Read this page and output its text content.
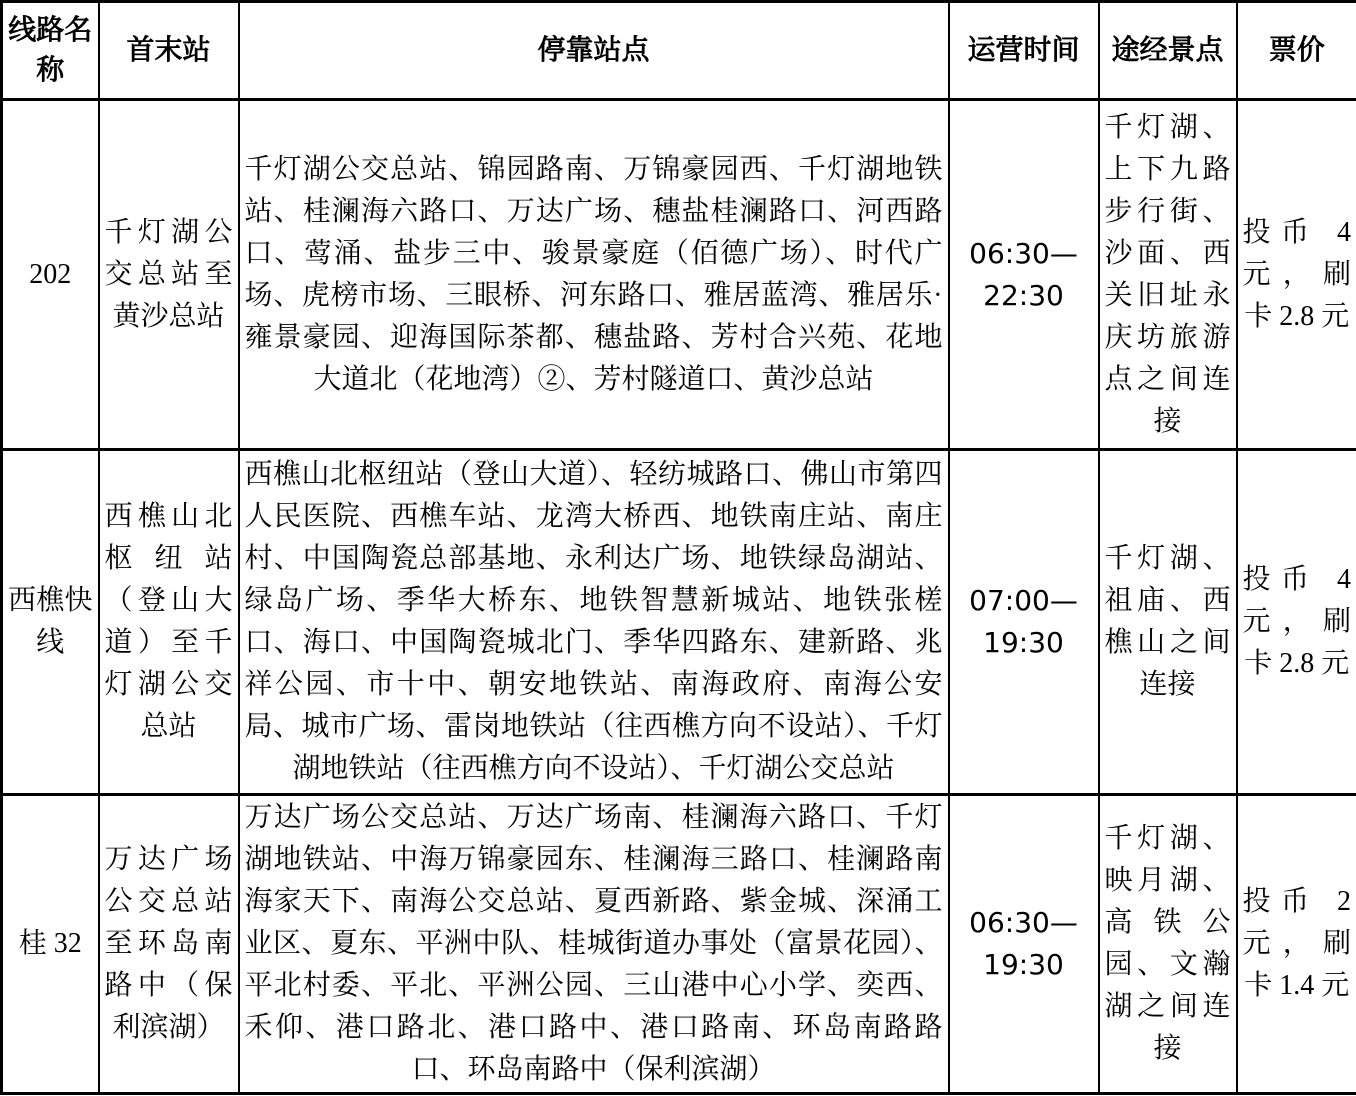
线路名称	首末站	停靠站点	运营时间	途经景点	票价
202	千灯湖公交总站至黄沙总站	千灯湖公交总站、锦园路南、万锦豪园西、千灯湖地铁站、桂澜海六路口、万达广场、穗盐桂澜路口、河西路口、莺涌、盐步三中、骏景豪庭（佰德广场）、时代广场、虎榜市场、三眼桥、河东路口、雅居蓝湾、雅居乐·雍景豪园、迎海国际茶都、穗盐路、芳村合兴苑、花地大道北（花地湾）②、芳村隧道口、黄沙总站	06:30—22:30	千灯湖、上下九路步行街、沙面、西关旧址永庆坊旅游点之间连接	投币 4 元，刷卡 2.8 元
西樵快线	西樵山北枢纽站（登山大道）至千灯湖公交总站	西樵山北枢纽站（登山大道）、轻纺城路口、佛山市第四人民医院、西樵车站、龙湾大桥西、地铁南庄站、南庄村、中国陶瓷总部基地、永利达广场、地铁绿岛湖站、绿岛广场、季华大桥东、地铁智慧新城站、地铁张槎口、海口、中国陶瓷城北门、季华四路东、建新路、兆祥公园、市十中、朝安地铁站、南海政府、南海公安局、城市广场、雷岗地铁站（往西樵方向不设站）、千灯湖地铁站（往西樵方向不设站）、千灯湖公交总站	07:00—19:30	千灯湖、祖庙、西樵山之间连接	投币 4 元，刷卡 2.8 元
桂 32	万达广场公交总站至环岛南路中（保利滨湖）	万达广场公交总站、万达广场南、桂澜海六路口、千灯湖地铁站、中海万锦豪园东、桂澜海三路口、桂澜路南海家天下、南海公交总站、夏西新路、紫金城、深涌工业区、夏东、平洲中队、桂城街道办事处（富景花园）、平北村委、平北、平洲公园、三山港中心小学、奕西、禾仰、港口路北、港口路中、港口路南、环岛南路路口、环岛南路中（保利滨湖）	06:30—19:30	千灯湖、映月湖、高铁公园、文瀚湖之间连接	投币 2 元，刷卡 1.4 元
